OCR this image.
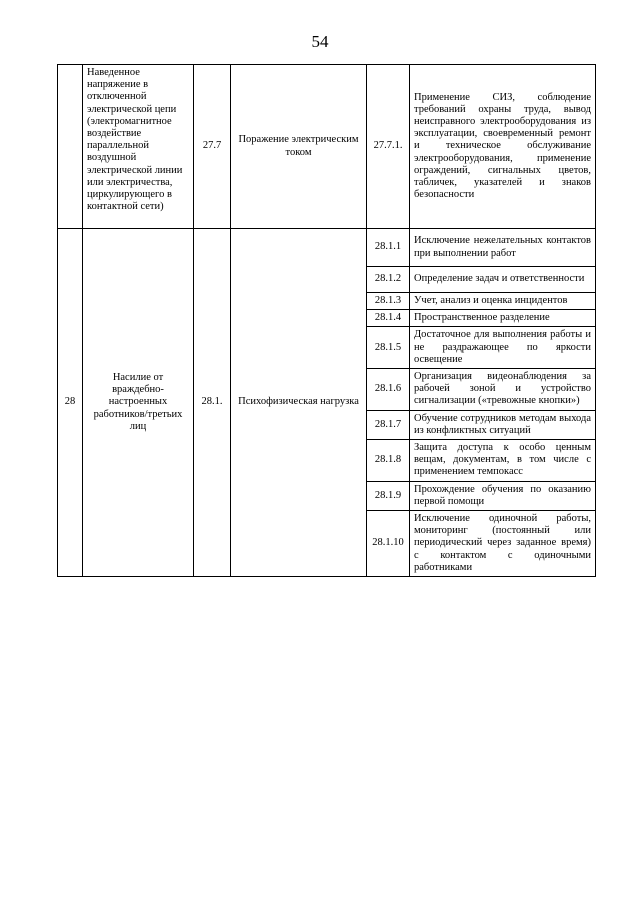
54
	Наведенное напряжение в отключенной электрической цепи (электромагнитное воздействие параллельной воздушной электрической линии или электричества, циркулирующего в контактной сети)	27.7	Поражение электрическим током	27.7.1.	Применение СИЗ, соблюдение требований охраны труда, вывод неисправного электрооборудования из эксплуатации, своевременный ремонт и техническое обслуживание электрооборудования, применение ограждений, сигнальных цветов, табличек, указателей и знаков безопасности
28	Насилие от враждебно-настроенных работников/третьих лиц	28.1.	Психофизическая нагрузка	28.1.1	Исключение нежелательных контактов при выполнении работ
				28.1.2	Определение задач и ответственности
				28.1.3	Учет, анализ и оценка инцидентов
				28.1.4	Пространственное разделение
				28.1.5	Достаточное для выполнения работы и не раздражающее по яркости освещение
				28.1.6	Организация видеонаблюдения за рабочей зоной и устройство сигнализации («тревожные кнопки»)
				28.1.7	Обучение сотрудников методам выхода из конфликтных ситуаций
				28.1.8	Защита доступа к особо ценным вещам, документам, в том числе с применением темпокасс
				28.1.9	Прохождение обучения по оказанию первой помощи
				28.1.10	Исключение одиночной работы, мониторинг (постоянный или периодический через заданное время) с контактом с одиночными работниками
